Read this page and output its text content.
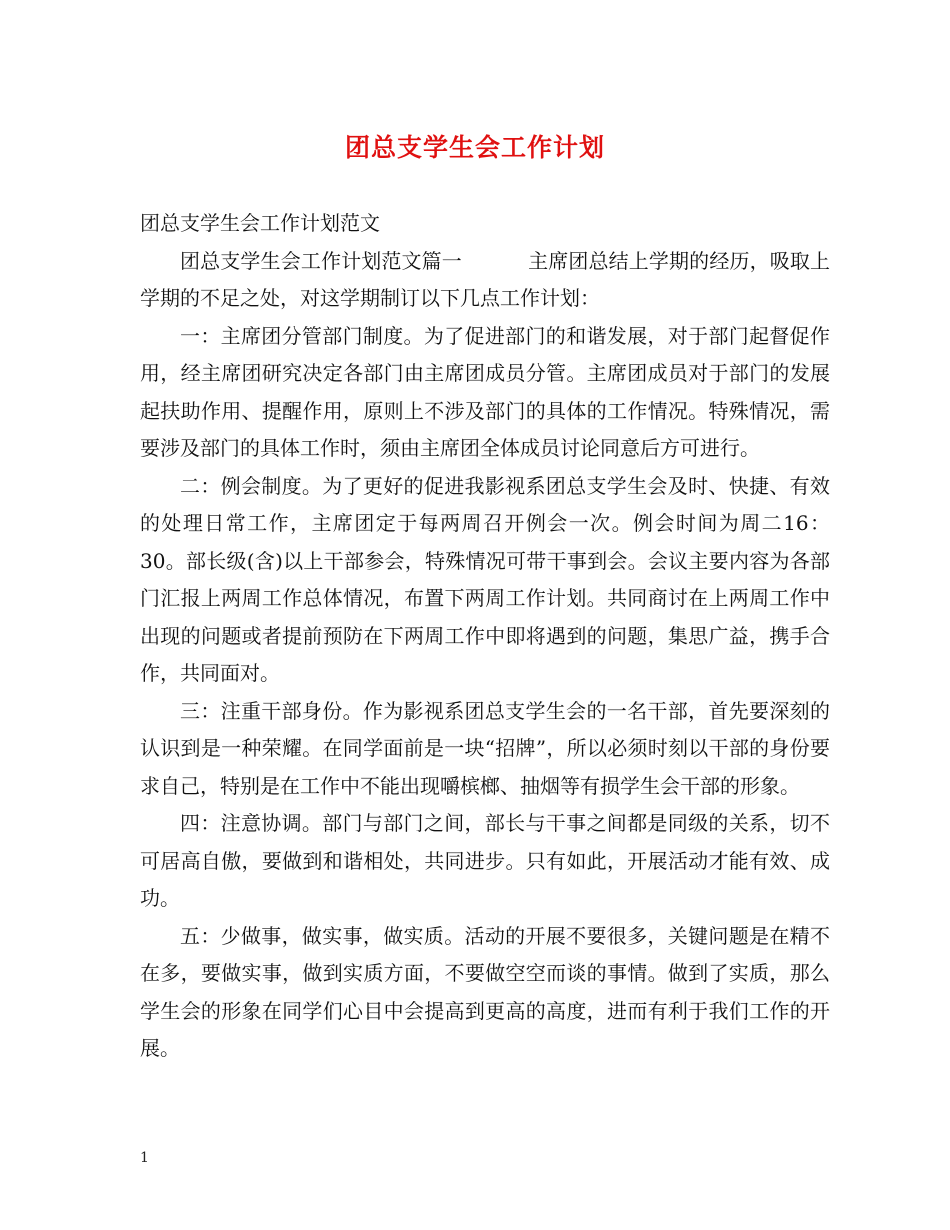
团总支学生会工作计划

团总支学生会工作计划范文

团总支学生会工作计划范文篇一	主席团总结上学期的经历，吸取上学期的不足之处，对这学期制订以下几点工作计划：

一：主席团分管部门制度。为了促进部门的和谐发展，对于部门起督促作用，经主席团研究决定各部门由主席团成员分管。主席团成员对于部门的发展起扶助作用、提醒作用，原则上不涉及部门的具体的工作情况。特殊情况，需要涉及部门的具体工作时，须由主席团全体成员讨论同意后方可进行。

二：例会制度。为了更好的促进我影视系团总支学生会及时、快捷、有效的处理日常工作，主席团定于每两周召开例会一次。例会时间为周二16：30。部长级(含)以上干部参会，特殊情况可带干事到会。会议主要内容为各部门汇报上两周工作总体情况，布置下两周工作计划。共同商讨在上两周工作中出现的问题或者提前预防在下两周工作中即将遇到的问题，集思广益，携手合作，共同面对。

三：注重干部身份。作为影视系团总支学生会的一名干部，首先要深刻的认识到是一种荣耀。在同学面前是一块“招牌”，所以必须时刻以干部的身份要求自己，特别是在工作中不能出现嚼槟榔、抽烟等有损学生会干部的形象。

四：注意协调。部门与部门之间，部长与干事之间都是同级的关系，切不可居高自傲，要做到和谐相处，共同进步。只有如此，开展活动才能有效、成功。

五：少做事，做实事，做实质。活动的开展不要很多，关键问题是在精不在多，要做实事，做到实质方面，不要做空空而谈的事情。做到了实质，那么学生会的形象在同学们心目中会提高到更高的高度，进而有利于我们工作的开展。

1
